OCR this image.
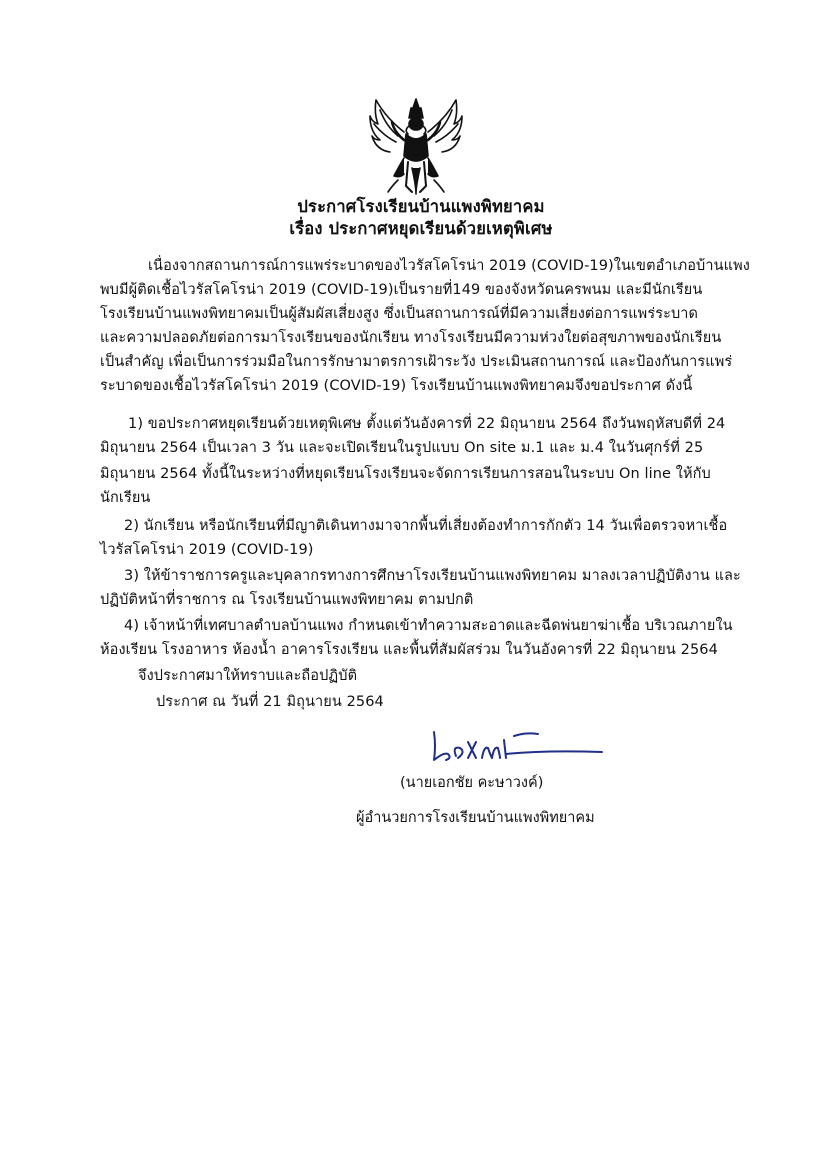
ประกาศโรงเรียนบ้านแพงพิทยาคม
เรื่อง ประกาศหยุดเรียนด้วยเหตุพิเศษ
เนื่องจากสถานการณ์การแพร่ระบาดของไวรัสโคโรน่า 2019 (COVID-19)ในเขตอำเภอบ้านแพง
พบมีผู้ติดเชื้อไวรัสโคโรน่า 2019 (COVID-19)เป็นรายที่149 ของจังหวัดนครพนม และมีนักเรียน
โรงเรียนบ้านแพงพิทยาคมเป็นผู้สัมผัสเสี่ยงสูง ซึ่งเป็นสถานการณ์ที่มีความเสี่ยงต่อการแพร่ระบาด
และความปลอดภัยต่อการมาโรงเรียนของนักเรียน ทางโรงเรียนมีความห่วงใยต่อสุขภาพของนักเรียน
เป็นสำคัญ เพื่อเป็นการร่วมมือในการรักษามาตรการเฝ้าระวัง ประเมินสถานการณ์ และป้องกันการแพร่
ระบาดของเชื้อไวรัสโคโรน่า 2019 (COVID-19) โรงเรียนบ้านแพงพิทยาคมจึงขอประกาศ ดังนี้
1) ขอประกาศหยุดเรียนด้วยเหตุพิเศษ ตั้งแต่วันอังคารที่ 22 มิถุนายน 2564 ถึงวันพฤหัสบดีที่ 24
มิถุนายน 2564 เป็นเวลา 3 วัน และจะเปิดเรียนในรูปแบบ On site ม.1 และ ม.4 ในวันศุกร์ที่ 25
มิถุนายน 2564 ทั้งนี้ในระหว่างที่หยุดเรียนโรงเรียนจะจัดการเรียนการสอนในระบบ On line ให้กับ
นักเรียน
2) นักเรียน หรือนักเรียนที่มีญาติเดินทางมาจากพื้นที่เสี่ยงต้องทำการกักตัว 14 วันเพื่อตรวจหาเชื้อ
ไวรัสโคโรน่า 2019 (COVID-19)
3) ให้ข้าราชการครูและบุคลากรทางการศึกษาโรงเรียนบ้านแพงพิทยาคม มาลงเวลาปฏิบัติงาน และ
ปฏิบัติหน้าที่ราชการ ณ โรงเรียนบ้านแพงพิทยาคม ตามปกติ
4) เจ้าหน้าที่เทศบาลตำบลบ้านแพง กำหนดเข้าทำความสะอาดและฉีดพ่นยาฆ่าเชื้อ บริเวณภายใน
ห้องเรียน โรงอาหาร ห้องน้ำ อาคารโรงเรียน และพื้นที่สัมผัสร่วม ในวันอังคารที่ 22 มิถุนายน 2564
จึงประกาศมาให้ทราบและถือปฏิบัติ
ประกาศ ณ วันที่ 21 มิถุนายน 2564
(นายเอกชัย คะษาวงค์)
ผู้อำนวยการโรงเรียนบ้านแพงพิทยาคม
